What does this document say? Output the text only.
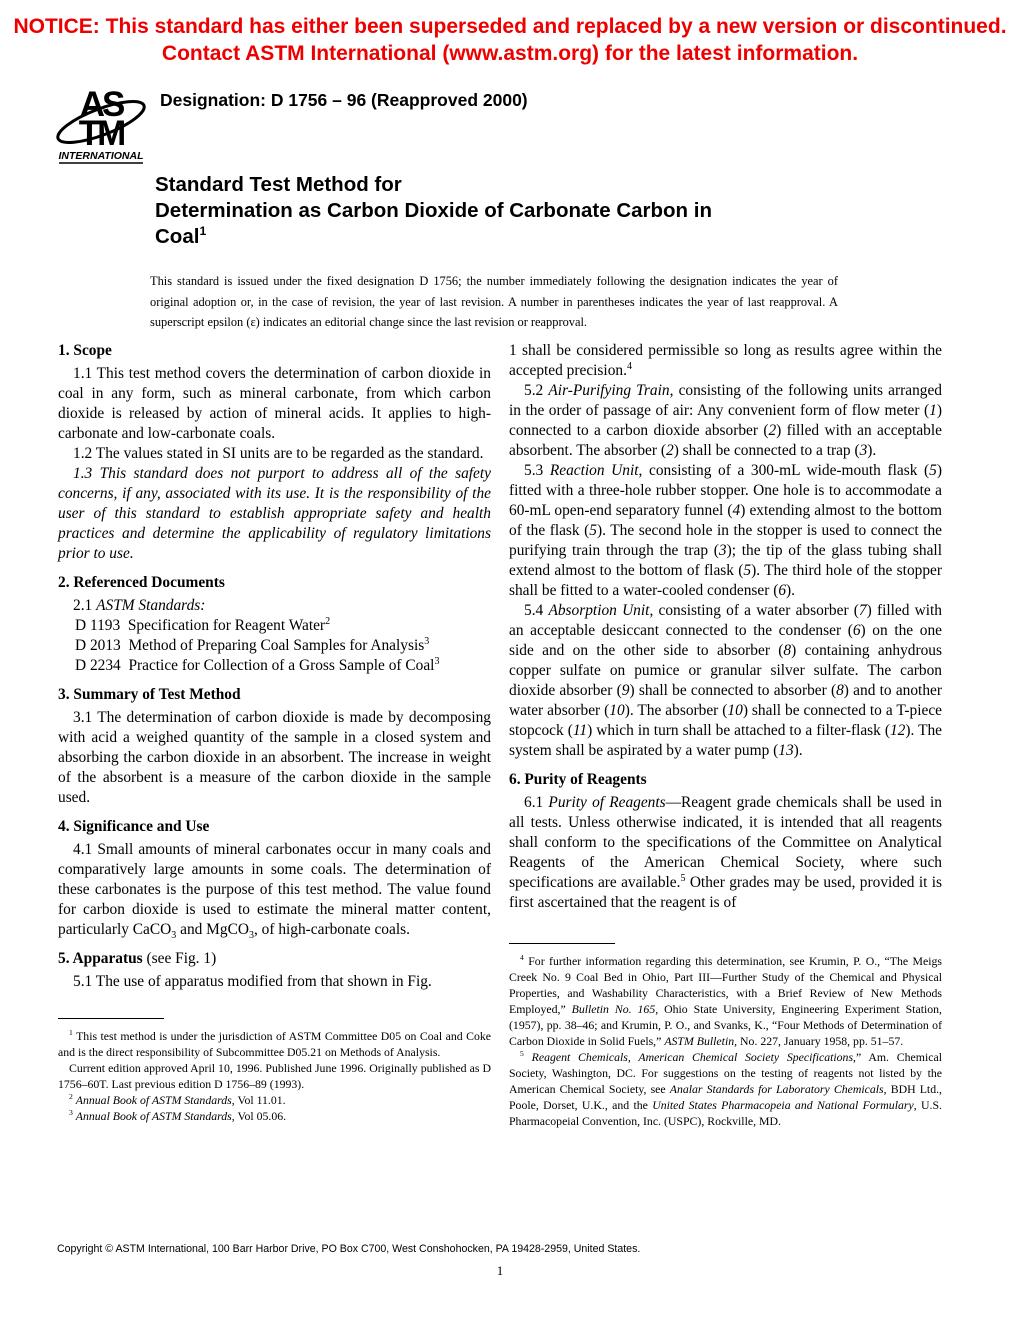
NOTICE: This standard has either been superseded and replaced by a new version or discontinued.
Contact ASTM International (www.astm.org) for the latest information.
AS
TM
INTERNATIONAL
Designation: D 1756 – 96 (Reapproved 2000)
Standard Test Method for
Determination as Carbon Dioxide of Carbonate Carbon in
Coal$^1$
This standard is issued under the fixed designation D 1756; the number immediately following the designation indicates the year of original adoption or, in the case of revision, the year of last revision. A number in parentheses indicates the year of last reapproval. A superscript epsilon (ε) indicates an editorial change since the last revision or reapproval.
1. Scope

1.1 This test method covers the determination of carbon dioxide in coal in any form, such as mineral carbonate, from which carbon dioxide is released by action of mineral acids. It applies to high-carbonate and low-carbonate coals.

1.2 The values stated in SI units are to be regarded as the standard.

1.3 This standard does not purport to address all of the safety concerns, if any, associated with its use. It is the responsibility of the user of this standard to establish appropriate safety and health practices and determine the applicability of regulatory limitations prior to use.

2. Referenced Documents

2.1 ASTM Standards:

D 1193  Specification for Reagent Water$^2$

D 2013  Method of Preparing Coal Samples for Analysis$^3$

D 2234  Practice for Collection of a Gross Sample of Coal$^3$

3. Summary of Test Method

3.1 The determination of carbon dioxide is made by decomposing with acid a weighed quantity of the sample in a closed system and absorbing the carbon dioxide in an absorbent. The increase in weight of the absorbent is a measure of the carbon dioxide in the sample used.

4. Significance and Use

4.1 Small amounts of mineral carbonates occur in many coals and comparatively large amounts in some coals. The determination of these carbonates is the purpose of this test method. The value found for carbon dioxide is used to estimate the mineral matter content, particularly CaCO$_3$ and MgCO$_3$, of high-carbonate coals.

5. Apparatus (see Fig. 1)

5.1 The use of apparatus modified from that shown in Fig.

$^1$ This test method is under the jurisdiction of ASTM Committee D05 on Coal and Coke and is the direct responsibility of Subcommittee D05.21 on Methods of Analysis.

Current edition approved April 10, 1996. Published June 1996. Originally published as D 1756–60T. Last previous edition D 1756–89 (1993).

$^2$ Annual Book of ASTM Standards, Vol 11.01.

$^3$ Annual Book of ASTM Standards, Vol 05.06.

1 shall be considered permissible so long as results agree within the accepted precision.$^4$

5.2 Air-Purifying Train, consisting of the following units arranged in the order of passage of air: Any convenient form of flow meter (1) connected to a carbon dioxide absorber (2) filled with an acceptable absorbent. The absorber (2) shall be connected to a trap (3).

5.3 Reaction Unit, consisting of a 300-mL wide-mouth flask (5) fitted with a three-hole rubber stopper. One hole is to accommodate a 60-mL open-end separatory funnel (4) extending almost to the bottom of the flask (5). The second hole in the stopper is used to connect the purifying train through the trap (3); the tip of the glass tubing shall extend almost to the bottom of flask (5). The third hole of the stopper shall be fitted to a water-cooled condenser (6).

5.4 Absorption Unit, consisting of a water absorber (7) filled with an acceptable desiccant connected to the condenser (6) on the one side and on the other side to absorber (8) containing anhydrous copper sulfate on pumice or granular silver sulfate. The carbon dioxide absorber (9) shall be connected to absorber (8) and to another water absorber (10). The absorber (10) shall be connected to a T-piece stopcock (11) which in turn shall be attached to a filter-flask (12). The system shall be aspirated by a water pump (13).

6. Purity of Reagents

6.1 Purity of Reagents—Reagent grade chemicals shall be used in all tests. Unless otherwise indicated, it is intended that all reagents shall conform to the specifications of the Committee on Analytical Reagents of the American Chemical Society, where such specifications are available.$^5$ Other grades may be used, provided it is first ascertained that the reagent is of

$^4$ For further information regarding this determination, see Krumin, P. O., “The Meigs Creek No. 9 Coal Bed in Ohio, Part III—Further Study of the Chemical and Physical Properties, and Washability Characteristics, with a Brief Review of New Methods Employed,” Bulletin No. 165, Ohio State University, Engineering Experiment Station, (1957), pp. 38–46; and Krumin, P. O., and Svanks, K., “Four Methods of Determination of Carbon Dioxide in Solid Fuels,” ASTM Bulletin, No. 227, January 1958, pp. 51–57.

$^5$ Reagent Chemicals, American Chemical Society Specifications,” Am. Chemical Society, Washington, DC. For suggestions on the testing of reagents not listed by the American Chemical Society, see Analar Standards for Laboratory Chemicals, BDH Ltd., Poole, Dorset, U.K., and the United States Pharmacopeia and National Formulary, U.S. Pharmacopeial Convention, Inc. (USPC), Rockville, MD.

Copyright © ASTM International, 100 Barr Harbor Drive, PO Box C700, West Conshohocken, PA 19428-2959, United States.
1
